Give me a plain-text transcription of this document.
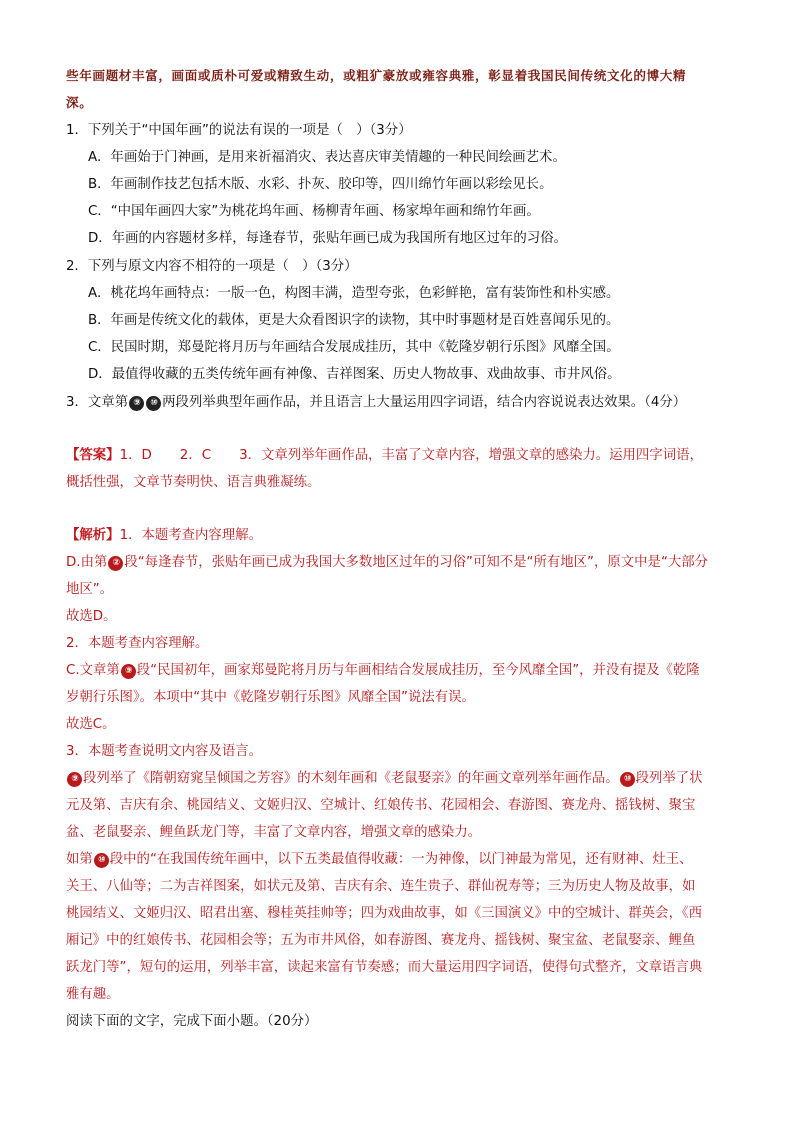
些年画题材丰富，画面或质朴可爱或精致生动，或粗犷豪放或雍容典雅，彰显着我国民间传统文化的博大精
深。
1．下列关于“中国年画”的说法有误的一项是（　）（3分）
A．年画始于门神画，是用来祈福消灾、表达喜庆审美情趣的一种民间绘画艺术。
B．年画制作技艺包括木版、水彩、扑灰、胶印等，四川绵竹年画以彩绘见长。
C．“中国年画四大家”为桃花坞年画、杨柳青年画、杨家埠年画和绵竹年画。
D．年画的内容题材多样，每逢春节，张贴年画已成为我国所有地区过年的习俗。
2．下列与原文内容不相符的一项是（　）（3分）
A．桃花坞年画特点：一版一色，构图丰满，造型夸张，色彩鲜艳，富有装饰性和朴实感。
B．年画是传统文化的载体，更是大众看图识字的读物，其中时事题材是百姓喜闻乐见的。
C．民国时期，郑曼陀将月历与年画结合发展成挂历，其中《乾隆岁朝行乐图》风靡全国。
D．最值得收藏的五类传统年画有神像、吉祥图案、历史人物故事、戏曲故事、市井风俗。
3．文章第 ⑨ ⑩ 两段列举典型年画作品，并且语言上大量运用四字词语，结合内容说说表达效果。（4分）
【答案】1．D 2．C 3．文章列举年画作品，丰富了文章内容，增强文章的感染力。运用四字词语，
概括性强，文章节奏明快、语言典雅凝练。
【解析】1．本题考查内容理解。
D.由第 ② 段“每逢春节，张贴年画已成为我国大多数地区过年的习俗”可知不是“所有地区”，原文中是“大部分
地区”。
故选D。
2．本题考查内容理解。
C.文章第 ⑨ 段“民国初年，画家郑曼陀将月历与年画相结合发展成挂历，至今风靡全国”，并没有提及《乾隆
岁朝行乐图》。本项中“其中《乾隆岁朝行乐图》风靡全国”说法有误。
故选C。
3．本题考查说明文内容及语言。
⑨ 段列举了《隋朝窈窕呈倾国之芳容》的木刻年画和《老鼠娶亲》的年画文章列举年画作品。 ⑩ 段列举了状
元及第、吉庆有余、桃园结义、文姬归汉、空城计、红娘传书、花园相会、春游图、赛龙舟、摇钱树、聚宝
盆、老鼠娶亲、鲤鱼跃龙门等，丰富了文章内容，增强文章的感染力。
如第 ⑩ 段中的“在我国传统年画中，以下五类最值得收藏：一为神像，以门神最为常见，还有财神、灶王、
关王、八仙等；二为吉祥图案，如状元及第、吉庆有余、连生贵子、群仙祝寿等；三为历史人物及故事，如
桃园结义、文姬归汉、昭君出塞、穆桂英挂帅等；四为戏曲故事，如《三国演义》中的空城计、群英会，《西
厢记》中的红娘传书、花园相会等；五为市井风俗，如春游图、赛龙舟、摇钱树、聚宝盆、老鼠娶亲、鲤鱼
跃龙门等”，短句的运用，列举丰富，读起来富有节奏感；而大量运用四字词语，使得句式整齐，文章语言典
雅有趣。
阅读下面的文字，完成下面小题。（20分）
